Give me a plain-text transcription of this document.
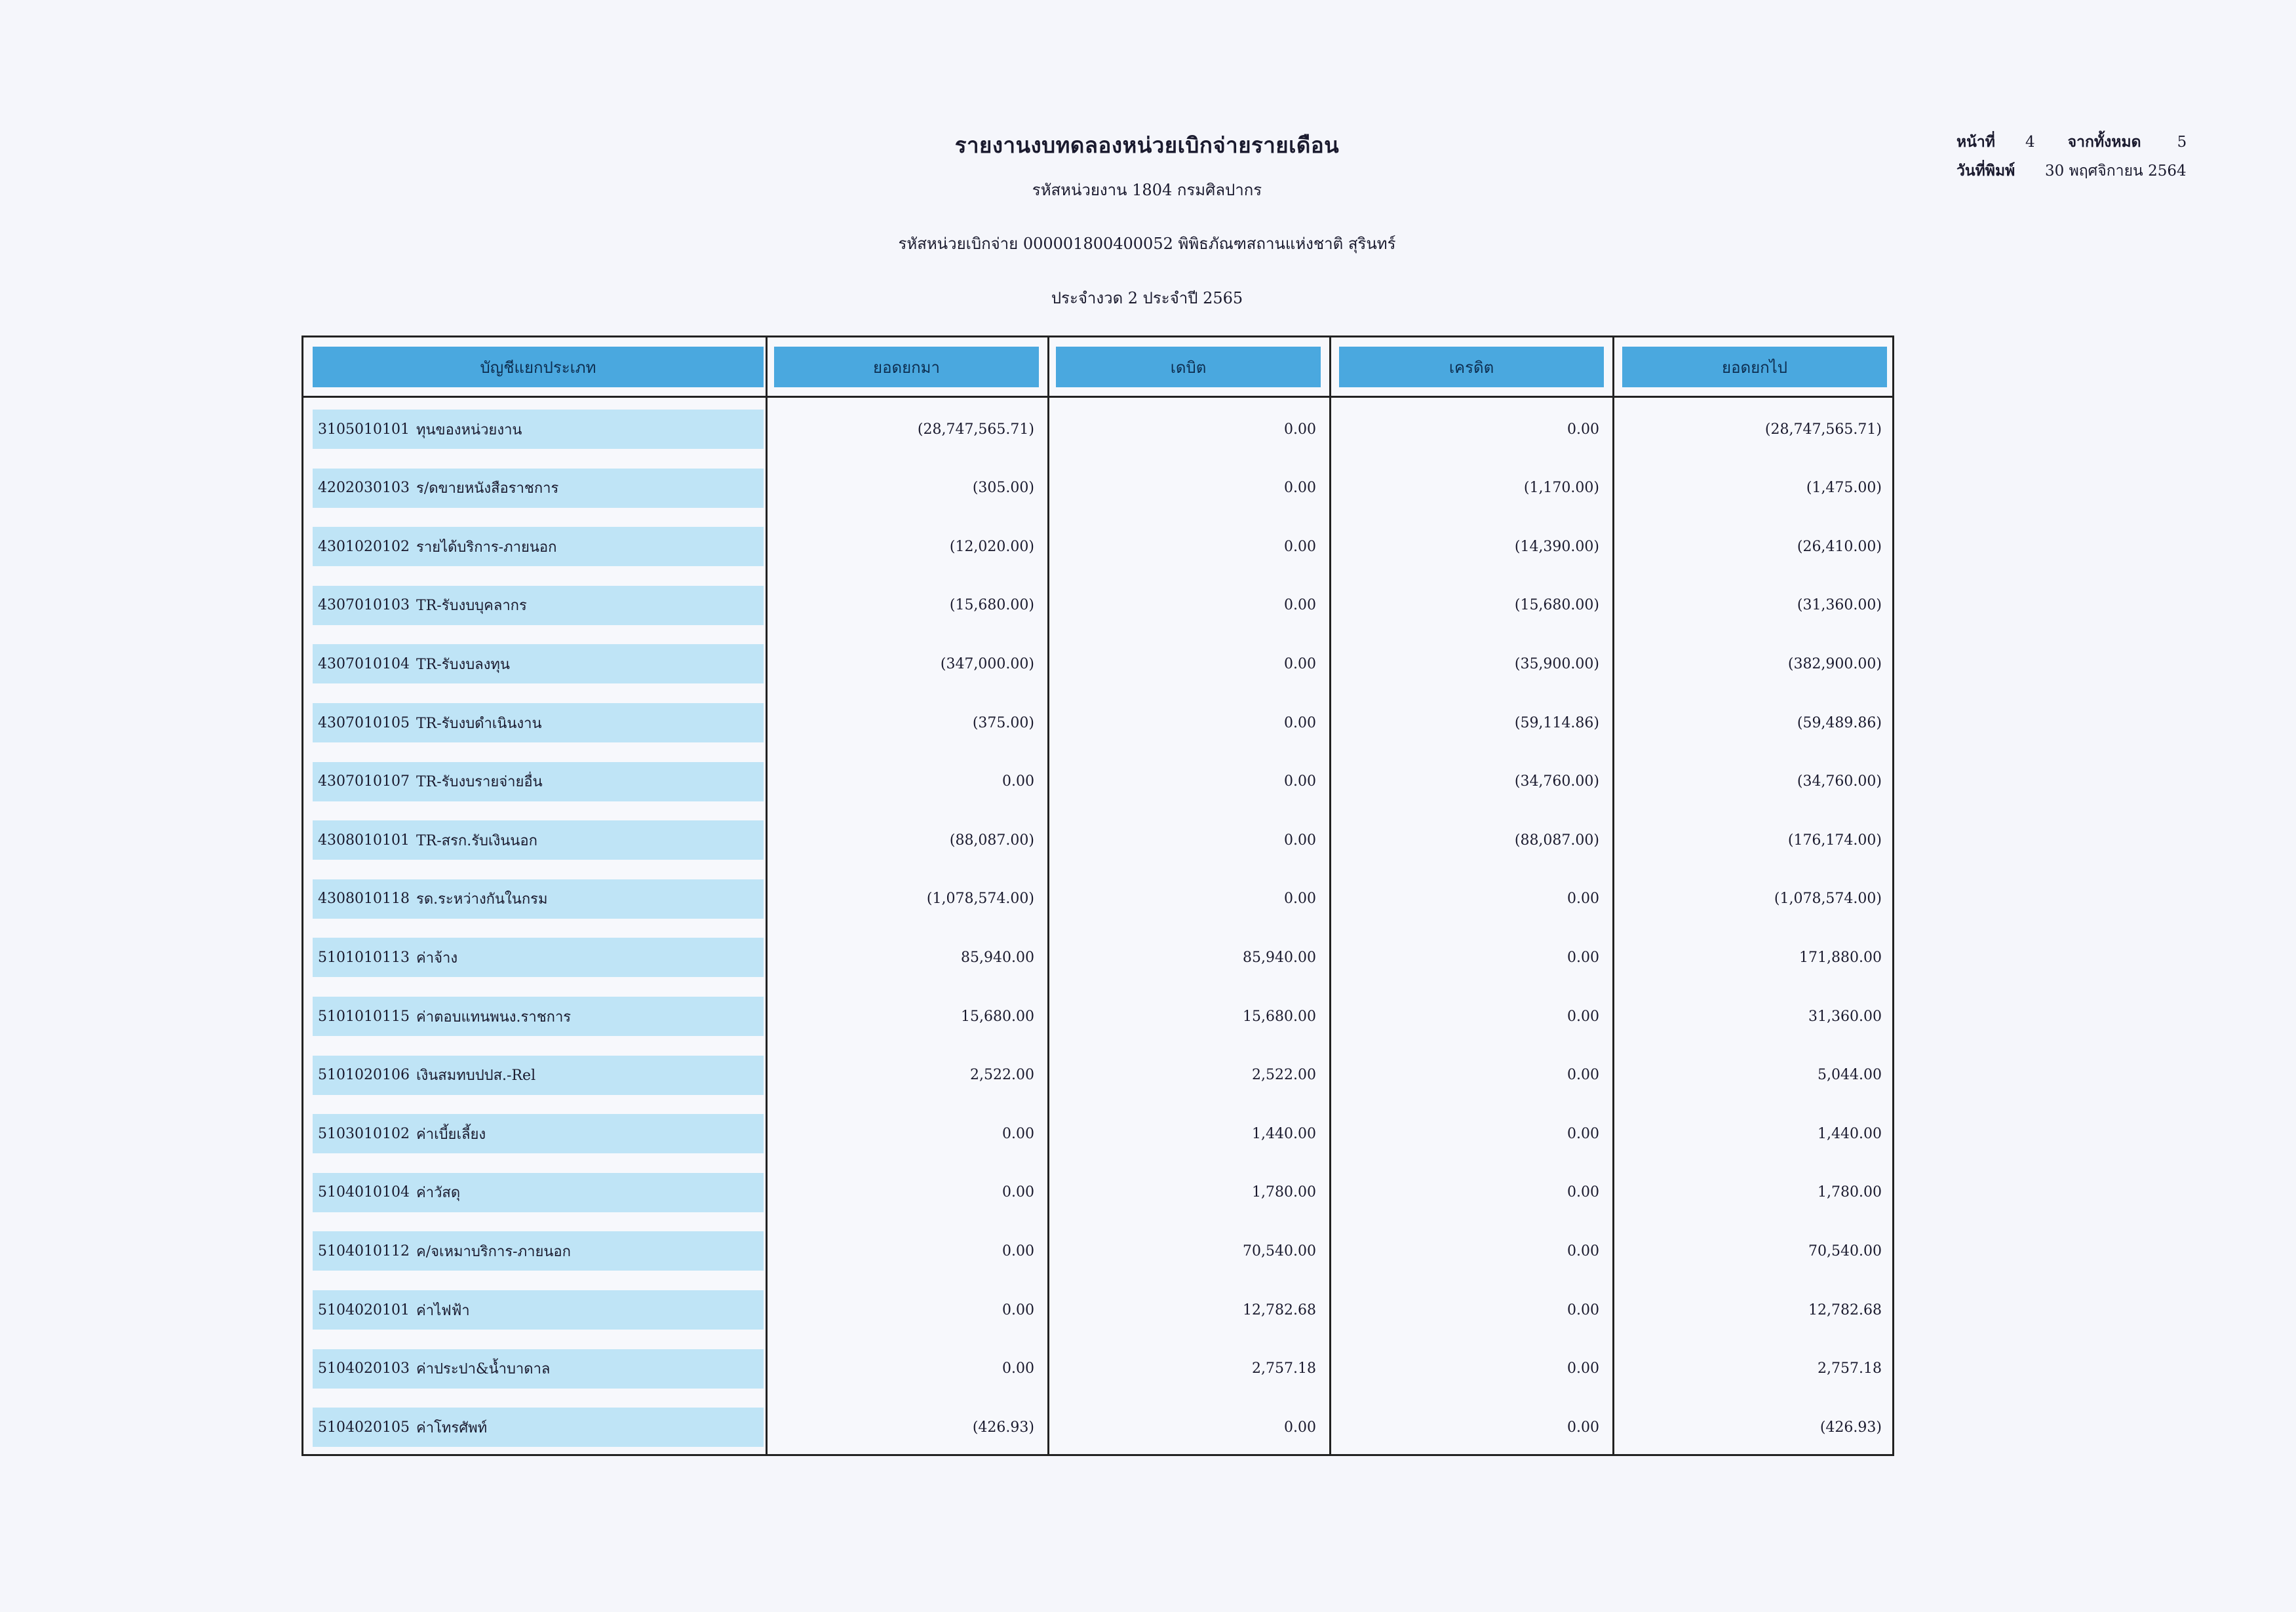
รายงานงบทดลองหน่วยเบิกจ่ายรายเดือน
รหัสหน่วยงาน 1804 กรมศิลปากร
รหัสหน่วยเบิกจ่าย 000001800400052 พิพิธภัณฑสถานแห่งชาติ สุรินทร์
ประจำงวด 2 ประจำปี 2565
หน้าที่	4 จากทั้งหมด 5
วันที่พิมพ์	30 พฤศจิกายน 2564
บัญชีแยกประเภท	ยอดยกมา	เดบิต	เครดิต	ยอดยกไป
3105010101 ทุนของหน่วยงาน	(28,747,565.71)	0.00	0.00	(28,747,565.71)
4202030103 ร/ดขายหนังสือราชการ	(305.00)	0.00	(1,170.00)	(1,475.00)
4301020102 รายได้บริการ-ภายนอก	(12,020.00)	0.00	(14,390.00)	(26,410.00)
4307010103 TR-รับงบบุคลากร	(15,680.00)	0.00	(15,680.00)	(31,360.00)
4307010104 TR-รับงบลงทุน	(347,000.00)	0.00	(35,900.00)	(382,900.00)
4307010105 TR-รับงบดำเนินงาน	(375.00)	0.00	(59,114.86)	(59,489.86)
4307010107 TR-รับงบรายจ่ายอื่น	0.00	0.00	(34,760.00)	(34,760.00)
4308010101 TR-สรก.รับเงินนอก	(88,087.00)	0.00	(88,087.00)	(176,174.00)
4308010118 รด.ระหว่างกันในกรม	(1,078,574.00)	0.00	0.00	(1,078,574.00)
5101010113 ค่าจ้าง	85,940.00	85,940.00	0.00	171,880.00
5101010115 ค่าตอบแทนพนง.ราชการ	15,680.00	15,680.00	0.00	31,360.00
5101020106 เงินสมทบปปส.-Rel	2,522.00	2,522.00	0.00	5,044.00
5103010102 ค่าเบี้ยเลี้ยง	0.00	1,440.00	0.00	1,440.00
5104010104 ค่าวัสดุ	0.00	1,780.00	0.00	1,780.00
5104010112 ค/จเหมาบริการ-ภายนอก	0.00	70,540.00	0.00	70,540.00
5104020101 ค่าไฟฟ้า	0.00	12,782.68	0.00	12,782.68
5104020103 ค่าประปา&น้ำบาดาล	0.00	2,757.18	0.00	2,757.18
5104020105 ค่าโทรศัพท์	(426.93)	0.00	0.00	(426.93)
